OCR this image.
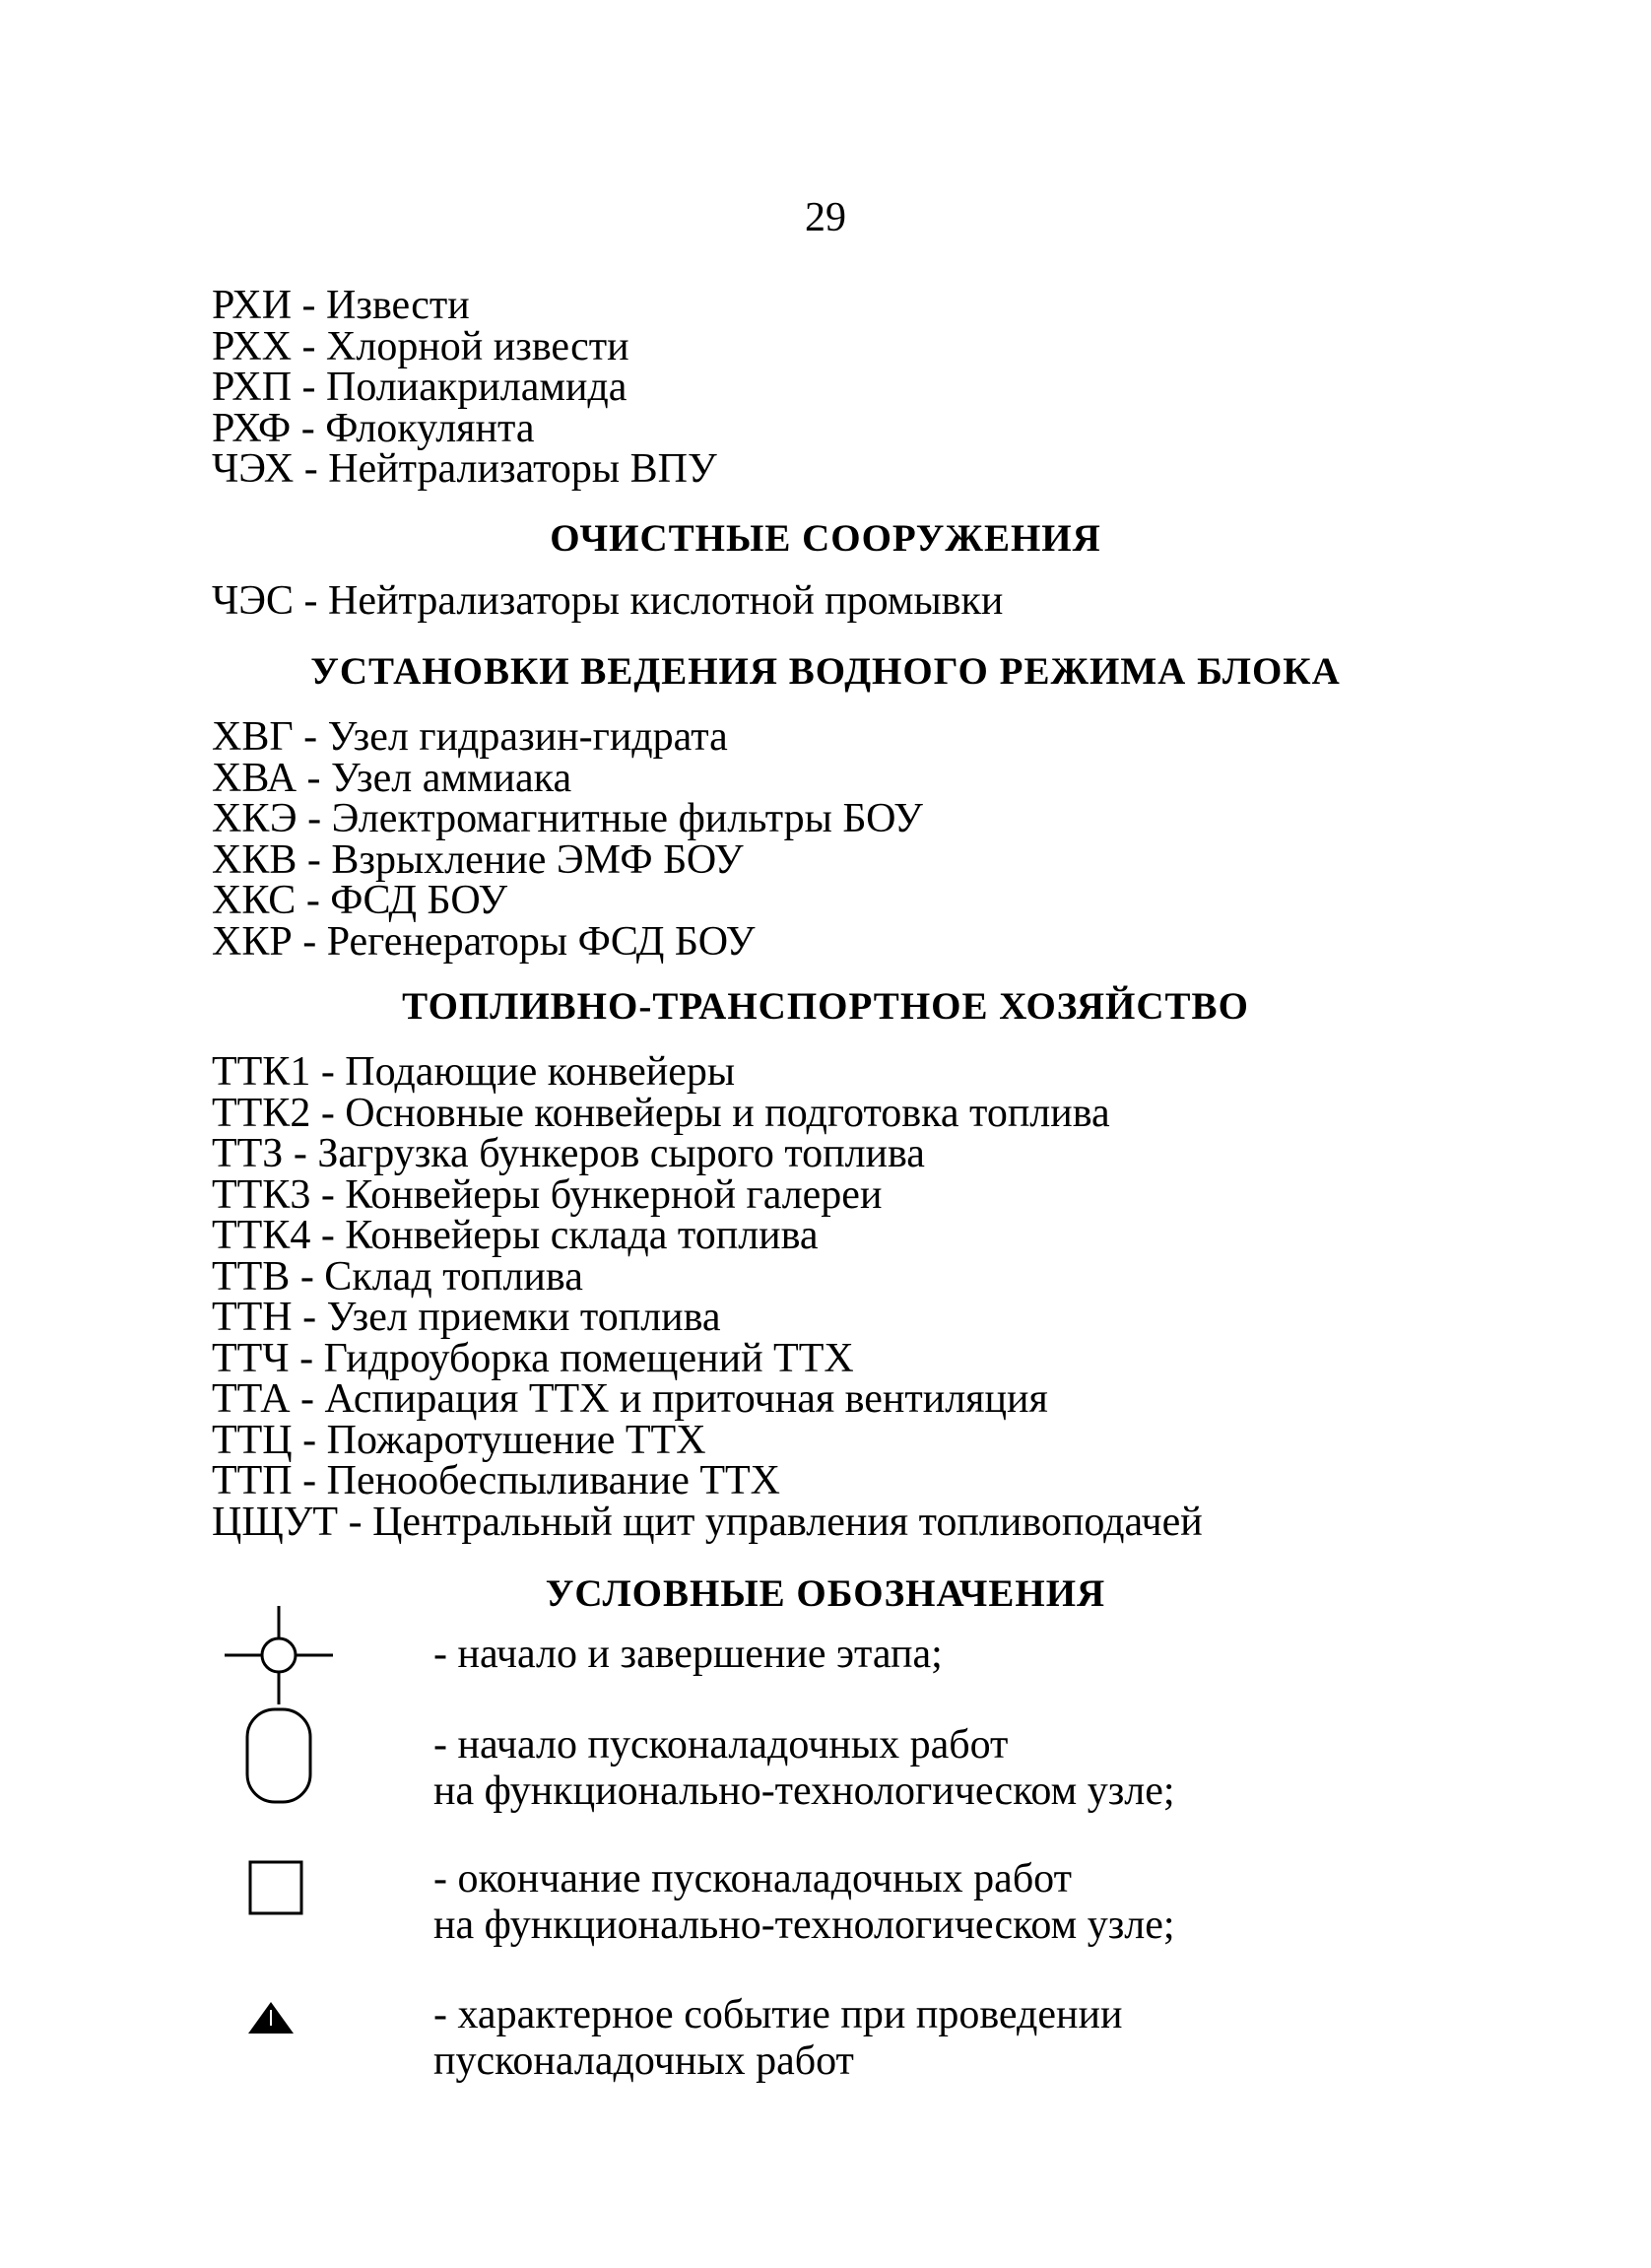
29
РХИ - Извести
РХХ - Хлорной извести
РХП - Полиакриламида
РХФ - Флокулянта
ЧЭХ - Нейтрализаторы ВПУ
ОЧИСТНЫЕ СООРУЖЕНИЯ
ЧЭС - Нейтрализаторы кислотной промывки
УСТАНОВКИ ВЕДЕНИЯ ВОДНОГО РЕЖИМА БЛОКА
ХВГ - Узел гидразин-гидрата
ХВА - Узел аммиака
ХКЭ - Электромагнитные фильтры БОУ
ХКВ - Взрыхление ЭМФ БОУ
ХКС - ФСД БОУ
ХКР - Регенераторы ФСД БОУ
ТОПЛИВНО-ТРАНСПОРТНОЕ ХОЗЯЙСТВО
ТТК1 - Подающие конвейеры
ТТК2 - Основные конвейеры и подготовка топлива
ТТЗ - Загрузка бункеров сырого топлива
ТТК3 - Конвейеры бункерной галереи
ТТК4 - Конвейеры склада топлива
ТТВ - Склад топлива
ТТН - Узел приемки топлива
ТТЧ - Гидроуборка помещений ТТХ
ТТА - Аспирация ТТХ и приточная вентиляция
ТТЦ - Пожаротушение ТТХ
ТТП - Пенообеспыливание ТТХ
ЦЩУТ - Центральный щит управления топливоподачей
УСЛОВНЫЕ ОБОЗНАЧЕНИЯ
- начало и завершение этапа;
- начало пусконаладочных работ
на функционально-технологическом узле;
- окончание пусконаладочных работ
на функционально-технологическом узле;
- характерное событие при проведении
пусконаладочных работ
